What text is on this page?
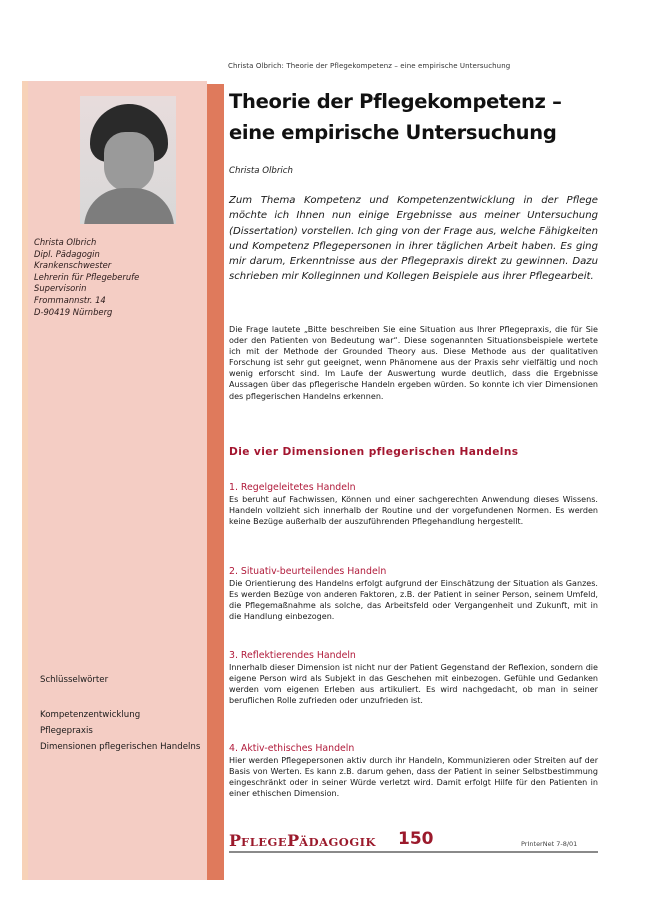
Christa Olbrich: Theorie der Pflegekompetenz – eine empirische Untersuchung
Christa Olbrich
Dipl. Pädagogin
Krankenschwester
Lehrerin für Pflegeberufe
Supervisorin
Frommannstr. 14
D-90419 Nürnberg
Schlüsselwörter
Kompetenzentwicklung
Pflegepraxis
Dimensionen pflegerischen Handelns
Theorie der Pflegekompetenz –
eine empirische Untersuchung
Christa Olbrich
Zum Thema Kompetenz und Kompetenzentwicklung in der Pflege möchte ich Ihnen nun einige Ergebnisse aus meiner Untersuchung (Dissertation) vorstellen. Ich ging von der Frage aus, welche Fähigkeiten und Kompetenz Pflegepersonen in ihrer täglichen Arbeit haben. Es ging mir darum, Erkenntnisse aus der Pflegepraxis direkt zu gewinnen. Dazu schrieben mir Kolleginnen und Kollegen Beispiele aus ihrer Pflegearbeit.
Die Frage lautete „Bitte beschreiben Sie eine Situation aus Ihrer Pflegepraxis, die für Sie oder den Patienten von Bedeutung war“. Diese sogenannten Situationsbeispiele wertete ich mit der Methode der Grounded Theory aus. Diese Methode aus der qualitativen Forschung ist sehr gut geeignet, wenn Phänomene aus der Praxis sehr vielfältig und noch wenig erforscht sind. Im Laufe der Auswertung wurde deutlich, dass die Ergebnisse Aussagen über das pflegerische Handeln ergeben würden. So konnte ich vier Dimensionen des pflegerischen Handelns erkennen.
Die vier Dimensionen pflegerischen Handelns
1. Regelgeleitetes Handeln
Es beruht auf Fachwissen, Können und einer sachgerechten Anwendung dieses Wissens. Handeln vollzieht sich innerhalb der Routine und der vorgefundenen Normen. Es werden keine Bezüge außerhalb der auszuführenden Pflegehandlung hergestellt.
2. Situativ-beurteilendes Handeln
Die Orientierung des Handelns erfolgt aufgrund der Einschätzung der Situation als Ganzes. Es werden Bezüge von anderen Faktoren, z.B. der Patient in seiner Person, seinem Umfeld, die Pflegemaßnahme als solche, das Arbeitsfeld oder Vergangenheit und Zukunft, mit in die Handlung einbezogen.
3. Reflektierendes Handeln
Innerhalb dieser Dimension ist nicht nur der Patient Gegenstand der Reflexion, sondern die eigene Person wird als Subjekt in das Geschehen mit einbezogen. Gefühle und Gedanken werden vom eigenen Erleben aus artikuliert. Es wird nachgedacht, ob man in seiner beruflichen Rolle zufrieden oder unzufrieden ist.
4. Aktiv-ethisches Handeln
Hier werden Pflegepersonen aktiv durch ihr Handeln, Kommunizieren oder Streiten auf der Basis von Werten. Es kann z.B. darum gehen, dass der Patient in seiner Selbstbestimmung eingeschränkt oder in seiner Würde verletzt wird. Damit erfolgt Hilfe für den Patienten in einer ethischen Dimension.
PFLEGEPÄDAGOGIK 150	PrInterNet 7-8/01
